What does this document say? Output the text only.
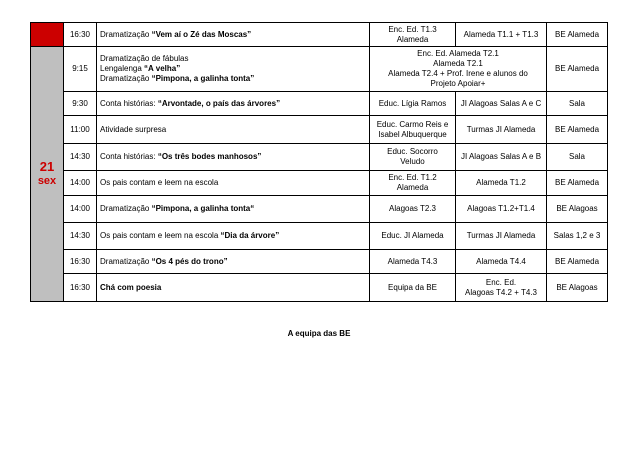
	16:30	Dramatização “Vem aí o Zé das Moscas”	Enc. Ed. T1.3
Alameda	Alameda T1.1 + T1.3	BE Alameda

21
sex	9:15	Dramatização de fábulas
Lengalenga “A velha”
Dramatização “Pimpona, a galinha tonta”	Enc. Ed. Alameda T2.1
Alameda T2.1
Alameda T2.4 + Prof. Irene e alunos do
Projeto Apoiar+		BE Alameda
	9:30	Conta histórias: “Arvontade, o país das árvores”	Educ. Lígia Ramos	JI Alagoas Salas A e C	Sala
	11:00	Atividade surpresa	Educ. Carmo Reis e
Isabel Albuquerque	Turmas JI Alameda	BE Alameda
	14:30	Conta histórias: “Os três bodes manhosos”	Educ. Socorro
Veludo	JI Alagoas Salas A e B	Sala
	14:00	Os pais contam e leem na escola	Enc. Ed. T1.2
Alameda	Alameda T1.2	BE Alameda
	14:00	Dramatização “Pimpona, a galinha tonta“	Alagoas T2.3	Alagoas T1.2+T1.4	BE Alagoas
	14:30	Os pais contam e leem na escola “Dia da árvore”	Educ. JI Alameda	Turmas JI Alameda	Salas 1,2 e 3
	16:30	Dramatização “Os 4 pés do trono”	Alameda T4.3	Alameda T4.4	BE Alameda
	16:30	Chá com poesia	Equipa da BE	Enc. Ed.
Alagoas T4.2 + T4.3	BE Alagoas
A equipa das BE
